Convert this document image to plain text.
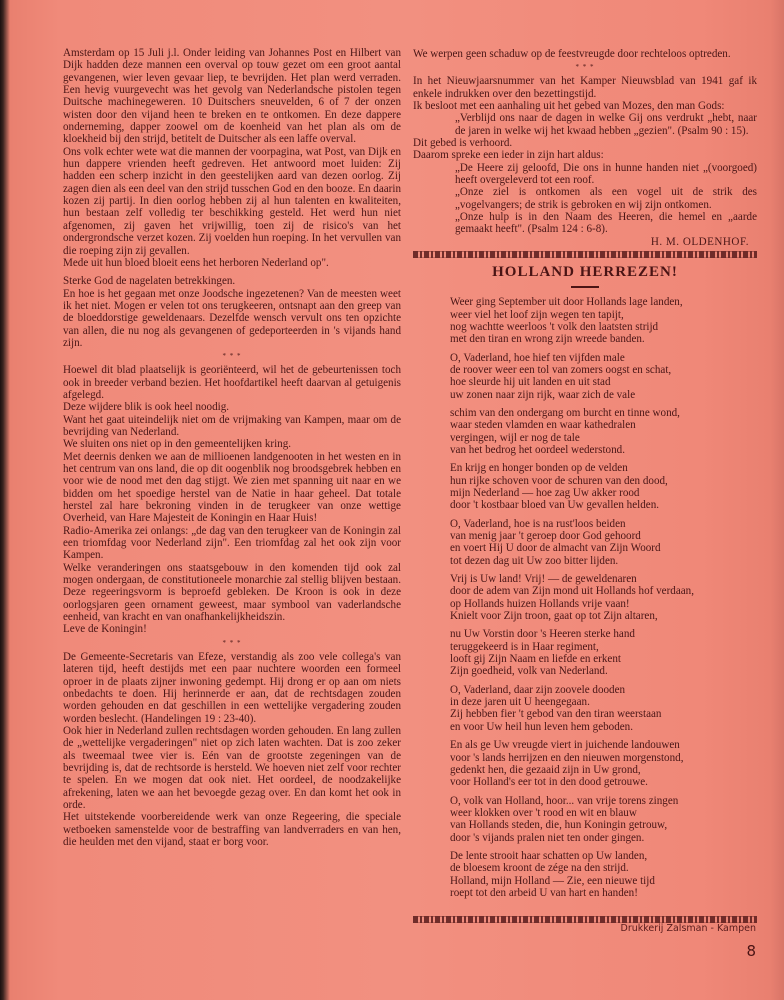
Amsterdam op 15 Juli j.l. Onder leiding van Johannes Post en Hilbert van Dijk hadden deze mannen een overval op touw gezet om een groot aantal gevangenen, wier leven gevaar liep, te bevrijden. Het plan werd verraden. Een hevig vuurgevecht was het gevolg van Nederlandsche pistolen tegen Duitsche machinegeweren. 10 Duitschers sneuvelden, 6 of 7 der onzen wisten door den vijand heen te breken en te ontkomen. En deze dappere onderneming, dapper zoowel om de koenheid van het plan als om de kloekheid bij den strijd, betitelt de Duitscher als een laffe overval.

Ons volk echter wete wat die mannen der voorpagina, wat Post, van Dijk en hun dappere vrienden heeft gedreven. Het antwoord moet luiden: Zij hadden een scherp inzicht in den geestelijken aard van dezen oorlog. Zij zagen dien als een deel van den strijd tusschen God en den booze. En daarin kozen zij partij. In dien oorlog hebben zij al hun talenten en kwaliteiten, hun bestaan zelf volledig ter beschikking gesteld. Het werd hun niet afgenomen, zij gaven het vrijwillig, toen zij de risico's van het ondergrondsche verzet kozen. Zij voelden hun roeping. In het vervullen van die roeping zijn zij gevallen.

Mede uit hun bloed bloeit eens het herboren Nederland op".

Sterke God de nagelaten betrekkingen.

En hoe is het gegaan met onze Joodsche ingezetenen? Van de meesten weet ik het niet. Mogen er velen tot ons terugkeeren, ontsnapt aan den greep van de bloeddorstige geweldenaars. Dezelfde wensch vervult ons ten opzichte van allen, die nu nog als gevangenen of gedeporteerden in 's vijands hand zijn.

* * *

Hoewel dit blad plaatselijk is georiënteerd, wil het de gebeurtenissen toch ook in breeder verband bezien. Het hoofdartikel heeft daarvan al getuigenis afgelegd.

Deze wijdere blik is ook heel noodig.

Want het gaat uiteindelijk niet om de vrijmaking van Kampen, maar om de bevrijding van Nederland.

We sluiten ons niet op in den gemeentelijken kring.

Met deernis denken we aan de millioenen landgenooten in het westen en in het centrum van ons land, die op dit oogenblik nog broodsgebrek hebben en voor wie de nood met den dag stijgt. We zien met spanning uit naar en we bidden om het spoedige herstel van de Natie in haar geheel. Dat totale herstel zal hare bekroning vinden in de terugkeer van onze wettige Overheid, van Hare Majesteit de Koningin en Haar Huis!

Radio-Amerika zei onlangs: „de dag van den terugkeer van de Koningin zal een triomfdag voor Nederland zijn". Een triomfdag zal het ook zijn voor Kampen.

Welke veranderingen ons staatsgebouw in den komenden tijd ook zal mogen ondergaan, de constitutioneele monarchie zal stellig blijven bestaan. Deze regeeringsvorm is beproefd gebleken. De Kroon is ook in deze oorlogsjaren geen ornament geweest, maar symbool van vaderlandsche eenheid, van kracht en van onafhankelijkheidszin.

Leve de Koningin!

* * *

De Gemeente-Secretaris van Efeze, verstandig als zoo vele collega's van lateren tijd, heeft destijds met een paar nuchtere woorden een formeel oproer in de plaats zijner inwoning gedempt. Hij drong er op aan om niets onbedachts te doen. Hij herinnerde er aan, dat de rechtsdagen zouden worden gehouden en dat geschillen in een wettelijke vergadering zouden worden beslecht. (Handelingen 19 : 23-40).

Ook hier in Nederland zullen rechtsdagen worden gehouden. En lang zullen de „wettelijke vergaderingen" niet op zich laten wachten. Dat is zoo zeker als tweemaal twee vier is. Eén van de grootste zegeningen van de bevrijding is, dat de rechtsorde is hersteld. We hoeven niet zelf voor rechter te spelen. En we mogen dat ook niet. Het oordeel, de noodzakelijke afrekening, laten we aan het bevoegde gezag over. En dan komt het ook in orde.

Het uitstekende voorbereidende werk van onze Regeering, die speciale wetboeken samenstelde voor de bestraffing van landverraders en van hen, die heulden met den vijand, staat er borg voor.

We werpen geen schaduw op de feestvreugde door rechteloos optreden.

* * *

In het Nieuwjaarsnummer van het Kamper Nieuwsblad van 1941 gaf ik enkele indrukken over den bezettingstijd.

Ik besloot met een aanhaling uit het gebed van Mozes, den man Gods:

„Verblijd ons naar de dagen in welke Gij ons verdrukt „hebt, naar de jaren in welke wij het kwaad hebben „gezien". (Psalm 90 : 15).

Dit gebed is verhoord.

Daarom spreke een ieder in zijn hart aldus:

„De Heere zij geloofd, Die ons in hunne handen niet „(voorgoed) heeft overgeleverd tot een roof.

„Onze ziel is ontkomen als een vogel uit de strik des „vogelvangers; de strik is gebroken en wij zijn ontkomen.

„Onze hulp is in den Naam des Heeren, die hemel en „aarde gemaakt heeft". (Psalm 124 : 6-8).

H. M. OLDENHOF.

HOLLAND HERREZEN!
Weer ging September uit door Hollands lage landen,
weer viel het loof zijn wegen ten tapijt,
nog wachtte weerloos 't volk den laatsten strijd
met den tiran en wrong zijn wreede banden.
O, Vaderland, hoe hief ten vijfden male
de roover weer een tol van zomers oogst en schat,
hoe sleurde hij uit landen en uit stad
uw zonen naar zijn rijk, waar zich de vale
schim van den ondergang om burcht en tinne wond,
waar steden vlamden en waar kathedralen
vergingen, wijl er nog de tale
van het bedrog het oordeel wederstond.
En krijg en honger bonden op de velden
hun rijke schoven voor de schuren van den dood,
mijn Nederland — hoe zag Uw akker rood
door 't kostbaar bloed van Uw gevallen helden.
O, Vaderland, hoe is na rust'loos beiden
van menig jaar 't geroep door God gehoord
en voert Hij U door de almacht van Zijn Woord
tot dezen dag uit Uw zoo bitter lijden.
Vrij is Uw land! Vrij! — de geweldenaren
door de adem van Zijn mond uit Hollands hof verdaan,
op Hollands huizen Hollands vrije vaan!
Knielt voor Zijn troon, gaat op tot Zijn altaren,
nu Uw Vorstin door 's Heeren sterke hand
teruggekeerd is in Haar regiment,
looft gij Zijn Naam en liefde en erkent
Zijn goedheid, volk van Nederland.
O, Vaderland, daar zijn zoovele dooden
in deze jaren uit U heengegaan.
Zij hebben fier 't gebod van den tiran weerstaan
en voor Uw heil hun leven hem geboden.
En als ge Uw vreugde viert in juichende landouwen
voor 's lands herrijzen en den nieuwen morgenstond,
gedenkt hen, die gezaaid zijn in Uw grond,
voor Holland's eer tot in den dood getrouwe.
O, volk van Holland, hoor... van vrije torens zingen
weer klokken over 't rood en wit en blauw
van Hollands steden, die, hun Koningin getrouw,
door 's vijands pralen niet ten onder gingen.
De lente strooit haar schatten op Uw landen,
de bloesem kroont de zége na den strijd.
Holland, mijn Holland — Zie, een nieuwe tijd
roept tot den arbeid U van hart en handen!
Drukkerij Zalsman - Kampen
8
